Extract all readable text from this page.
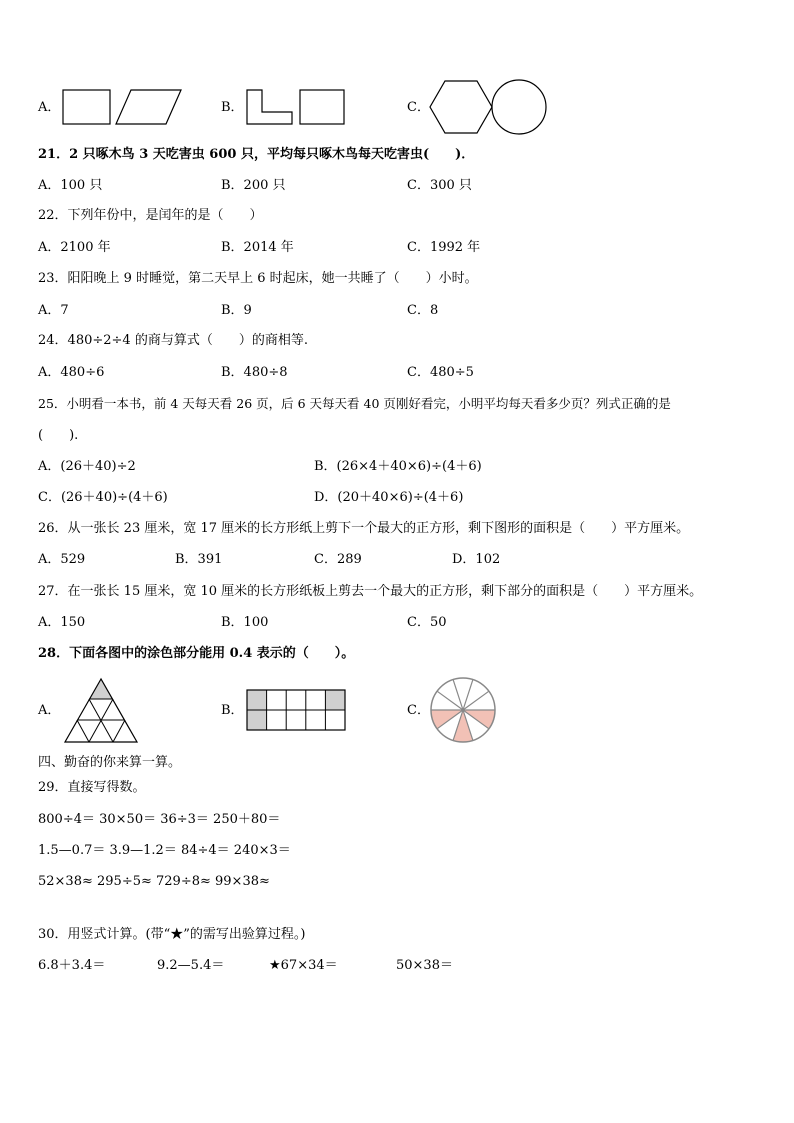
A．	B．	C．
21．2 只啄木鸟 3 天吃害虫 600 只，平均每只啄木鸟每天吃害虫(　　)．
A．100 只	B．200 只	C．300 只
22．下列年份中，是闰年的是（　　）
A．2100 年	B．2014 年	C．1992 年
23．阳阳晚上 9 时睡觉，第二天早上 6 时起床，她一共睡了（　　）小时。
A．7	B．9	C．8
24．480÷2÷4 的商与算式（　　）的商相等.
A．480÷6	B．480÷8	C．480÷5
25．小明看一本书，前 4 天每天看 26 页，后 6 天每天看 40 页刚好看完，小明平均每天看多少页？列式正确的是
(　　).
A．(26＋40)÷2	B．(26×4＋40×6)÷(4＋6)
C．(26＋40)÷(4＋6)	D．(20＋40×6)÷(4＋6)
26．从一张长 23 厘米，宽 17 厘米的长方形纸上剪下一个最大的正方形，剩下图形的面积是（　　）平方厘米。
A．529	B．391	C．289	D．102
27．在一张长 15 厘米，宽 10 厘米的长方形纸板上剪去一个最大的正方形，剩下部分的面积是（　　）平方厘米。
A．150	B．100	C．50
28．下面各图中的涂色部分能用 0.4 表示的（　　）。
A．	B．	C．
四、勤奋的你来算一算。
29．直接写得数。
800÷4＝ 30×50＝ 36÷3＝ 250＋80＝
1.5—0.7＝ 3.9—1.2＝ 84÷4＝ 240×3＝
52×38≈ 295÷5≈ 729÷8≈ 99×38≈
30．用竖式计算。(带“★”的需写出验算过程。)
6.8＋3.4＝	9.2—5.4＝	★67×34＝	50×38＝
